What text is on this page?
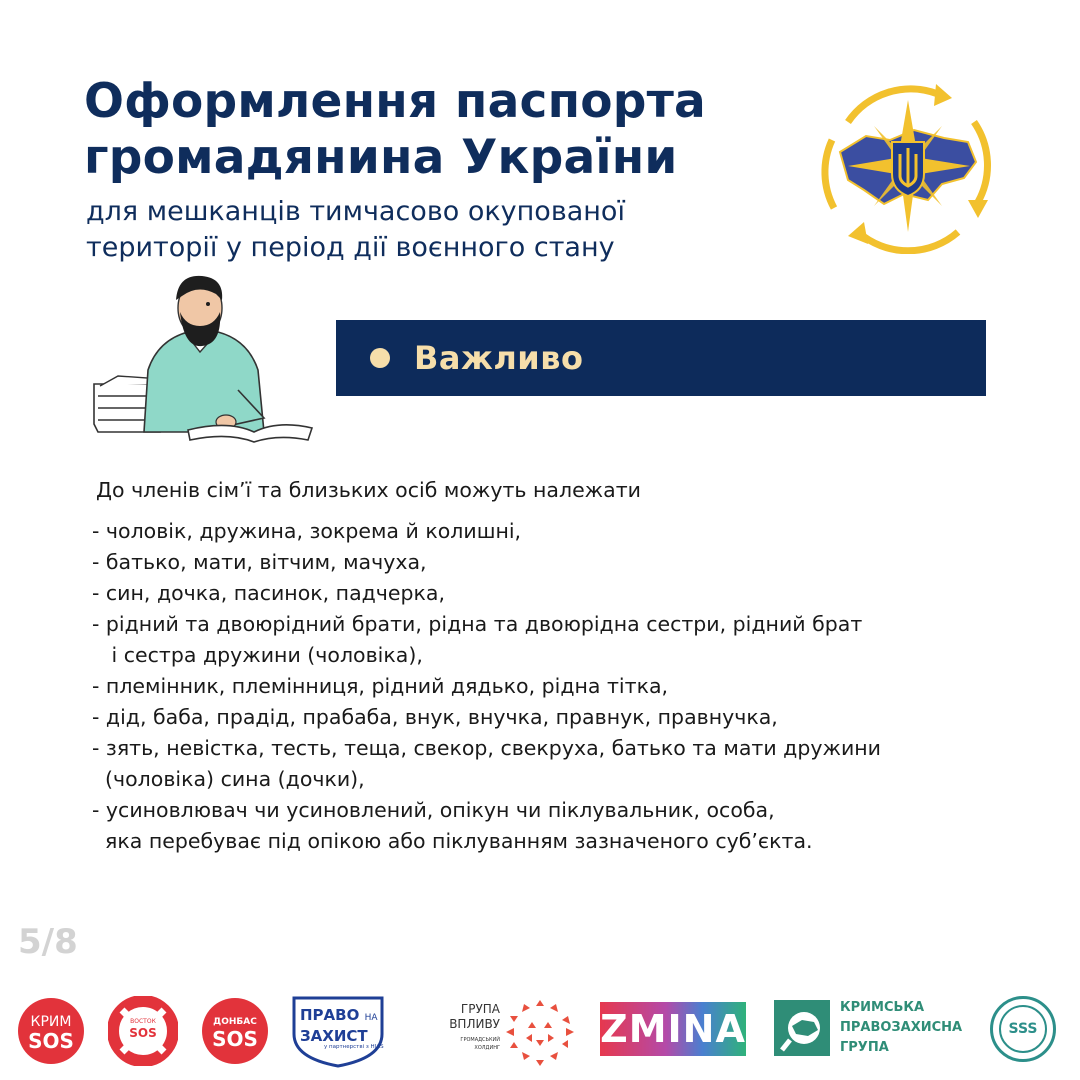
Оформлення паспорта
громадянина України
для мешканців тимчасово окупованої
території у період дії воєнного стану
Важливо
До членів сім’ї та близьких осіб можуть належати
- чоловік, дружина, зокрема й колишні,
- батько, мати, вітчим, мачуха,
- син, дочка, пасинок, падчерка,
- рідний та двоюрідний брати, рідна та двоюрідна сестри, рідний брат
і сестра дружини (чоловіка),
- племінник, племінниця, рідний дядько, рідна тітка,
- дід, баба, прадід, прабаба, внук, внучка, правнук, правнучка,
- зять, невістка, тесть, теща, свекор, свекруха, батько та мати дружини
(чоловіка) сина (дочки),
- усиновлювач чи усиновлений, опікун чи піклувальник, особа,
яка перебуває під опікою або піклуванням зазначеного суб’єкта.
5/8
КРИМ
SOS
ВОСТОК
SOS
ДОНБАС
SOS
ПРАВО НА
ЗАХИСТ
у партнерстві з HIAS
ГРУПА
ВПЛИВУ
ГРОМАДСЬКИЙ
ХОЛДИНГ	ZMINA	КРИМСЬКА
ПРАВОЗАХИСНА
ГРУПА
SSS
